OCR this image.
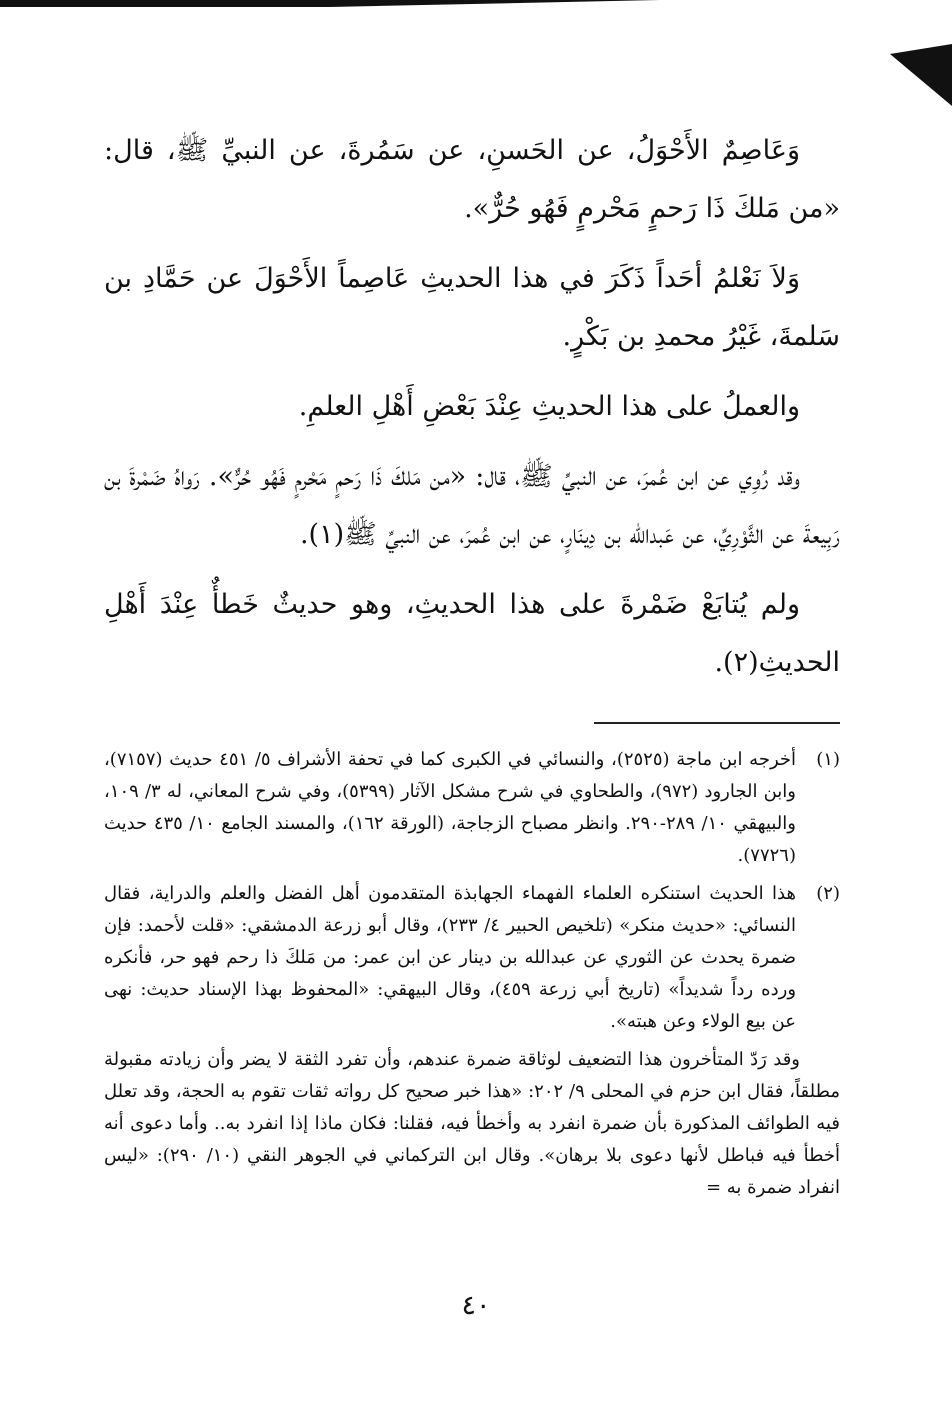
وَعَاصِمٌ الأَحْوَلُ، عن الحَسنِ، عن سَمُرةَ، عن النبيِّ ﷺ، قال: «من مَلكَ ذَا رَحمٍ مَحْرمٍ فَهُو حُرٌّ».

وَلاَ نَعْلمُ أحَداً ذَكَرَ في هذا الحديثِ عَاصِماً الأَحْوَلَ عن حَمَّادِ بن سَلمةَ، غَيْرُ محمدِ بن بَكْرٍ.

والعملُ على هذا الحديثِ عِنْدَ بَعْضِ أَهْلِ العلمِ.

وقد رُوِي عن ابن عُمرَ، عن النبيِّ ﷺ، قال: «من مَلكَ ذَا رَحمٍ مَحْرمٍ فَهُو حُرٌّ». رَواهُ ضَمْرةَ بن رَبِيعةَ عن الثَّوْرِيِّ، عن عَبدالله بن دِينَارٍ، عن ابن عُمرَ، عن النبيِّ ﷺ(١).

ولم يُتابَعْ ضَمْرةَ على هذا الحديثِ، وهو حديثٌ خَطأٌ عِنْدَ أَهْلِ الحديثِ(٢).

(١)
أخرجه ابن ماجة (٢٥٢٥)، والنسائي في الكبرى كما في تحفة الأشراف ٥/ ٤٥١ حديث (٧١٥٧)، وابن الجارود (٩٧٢)، والطحاوي في شرح مشكل الآثار (٥٣٩٩)، وفي شرح المعاني، له ٣/ ١٠٩، والبيهقي ١٠/ ٢٨٩-٢٩٠. وانظر مصباح الزجاجة، (الورقة ١٦٢)، والمسند الجامع ١٠/ ٤٣٥ حديث (٧٧٢٦).
(٢)
هذا الحديث استنكره العلماء الفهماء الجهابذة المتقدمون أهل الفضل والعلم والدراية، فقال النسائي: «حديث منكر» (تلخيص الحبير ٤/ ٢٣٣)، وقال أبو زرعة الدمشقي: «قلت لأحمد: فإن ضمرة يحدث عن الثوري عن عبدالله بن دينار عن ابن عمر: من مَلكَ ذا رحم فهو حر، فأنكره ورده رداً شديداً» (تاريخ أبي زرعة ٤٥٩)، وقال البيهقي: «المحفوظ بهذا الإسناد حديث: نهى عن بيع الولاء وعن هبته».

وقد رَدّ المتأخرون هذا التضعيف لوثاقة ضمرة عندهم، وأن تفرد الثقة لا يضر وأن زيادته مقبولة مطلقاً، فقال ابن حزم في المحلى ٩/ ٢٠٢: «هذا خبر صحيح كل رواته ثقات تقوم به الحجة، وقد تعلل فيه الطوائف المذكورة بأن ضمرة انفرد به وأخطأ فيه، فقلنا: فكان ماذا إذا انفرد به.. وأما دعوى أنه أخطأ فيه فباطل لأنها دعوى بلا برهان». وقال ابن التركماني في الجوهر النقي (١٠/ ٢٩٠): «ليس انفراد ضمرة به =

٤٠
